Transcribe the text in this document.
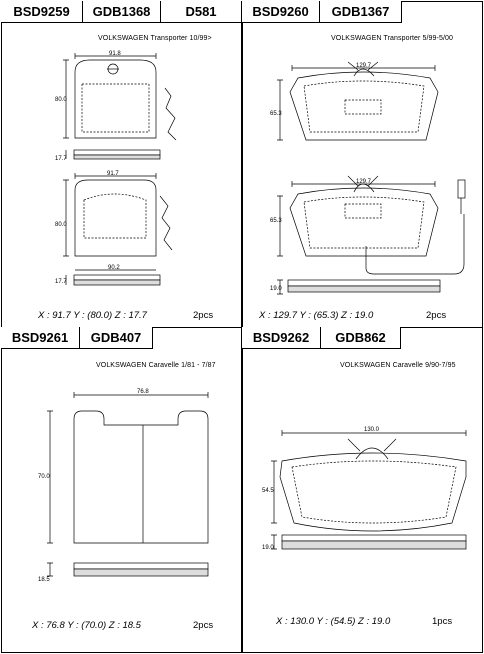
BSD9259	GDB1368	D581
VOLKSWAGEN Transporter 10/99>
91.8
80.0
17.7
91.7
80.0
90.2
17.7
X : 91.7 Y : (80.0) Z : 17.7	2pcs
BSD9260	GDB1367
VOLKSWAGEN Transporter 5/99-5/00
129.7
65.3
129.7
65.3
19.0
X : 129.7 Y : (65.3) Z : 19.0	2pcs
BSD9261	GDB407
VOLKSWAGEN Caravelle 1/81 - 7/87
76.8
70.0
18.5
X : 76.8 Y : (70.0) Z : 18.5	2pcs
BSD9262	GDB862
VOLKSWAGEN Caravelle 9/90-7/95
130.0
54.5
19.0
X : 130.0 Y : (54.5) Z : 19.0	1pcs
